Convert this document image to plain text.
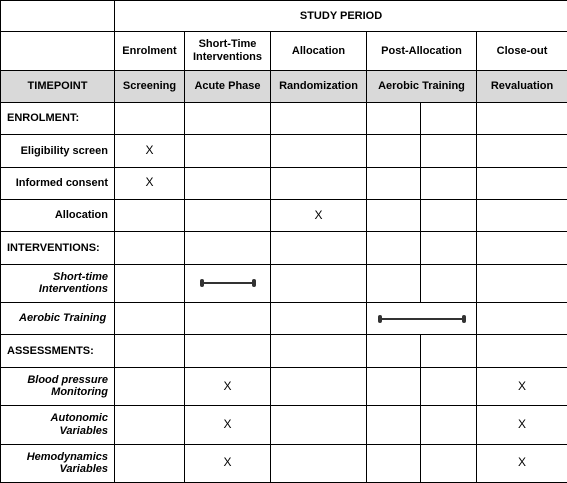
	STUDY PERIOD					
	Enrolment	Short-Time Interventions	Allocation	Post-Allocation		Close-out
TIMEPOINT	Screening	Acute Phase	Randomization	Aerobic Training		Revaluation
ENROLMENT:						
Eligibility screen	X					
Informed consent	X					
Allocation			X			
INTERVENTIONS:						
Short-time Interventions		

Aerobic Training					

ASSESSMENTS:						
Blood pressure Monitoring		X				X
Autonomic Variables		X				X
Hemodynamics Variables		X				X
